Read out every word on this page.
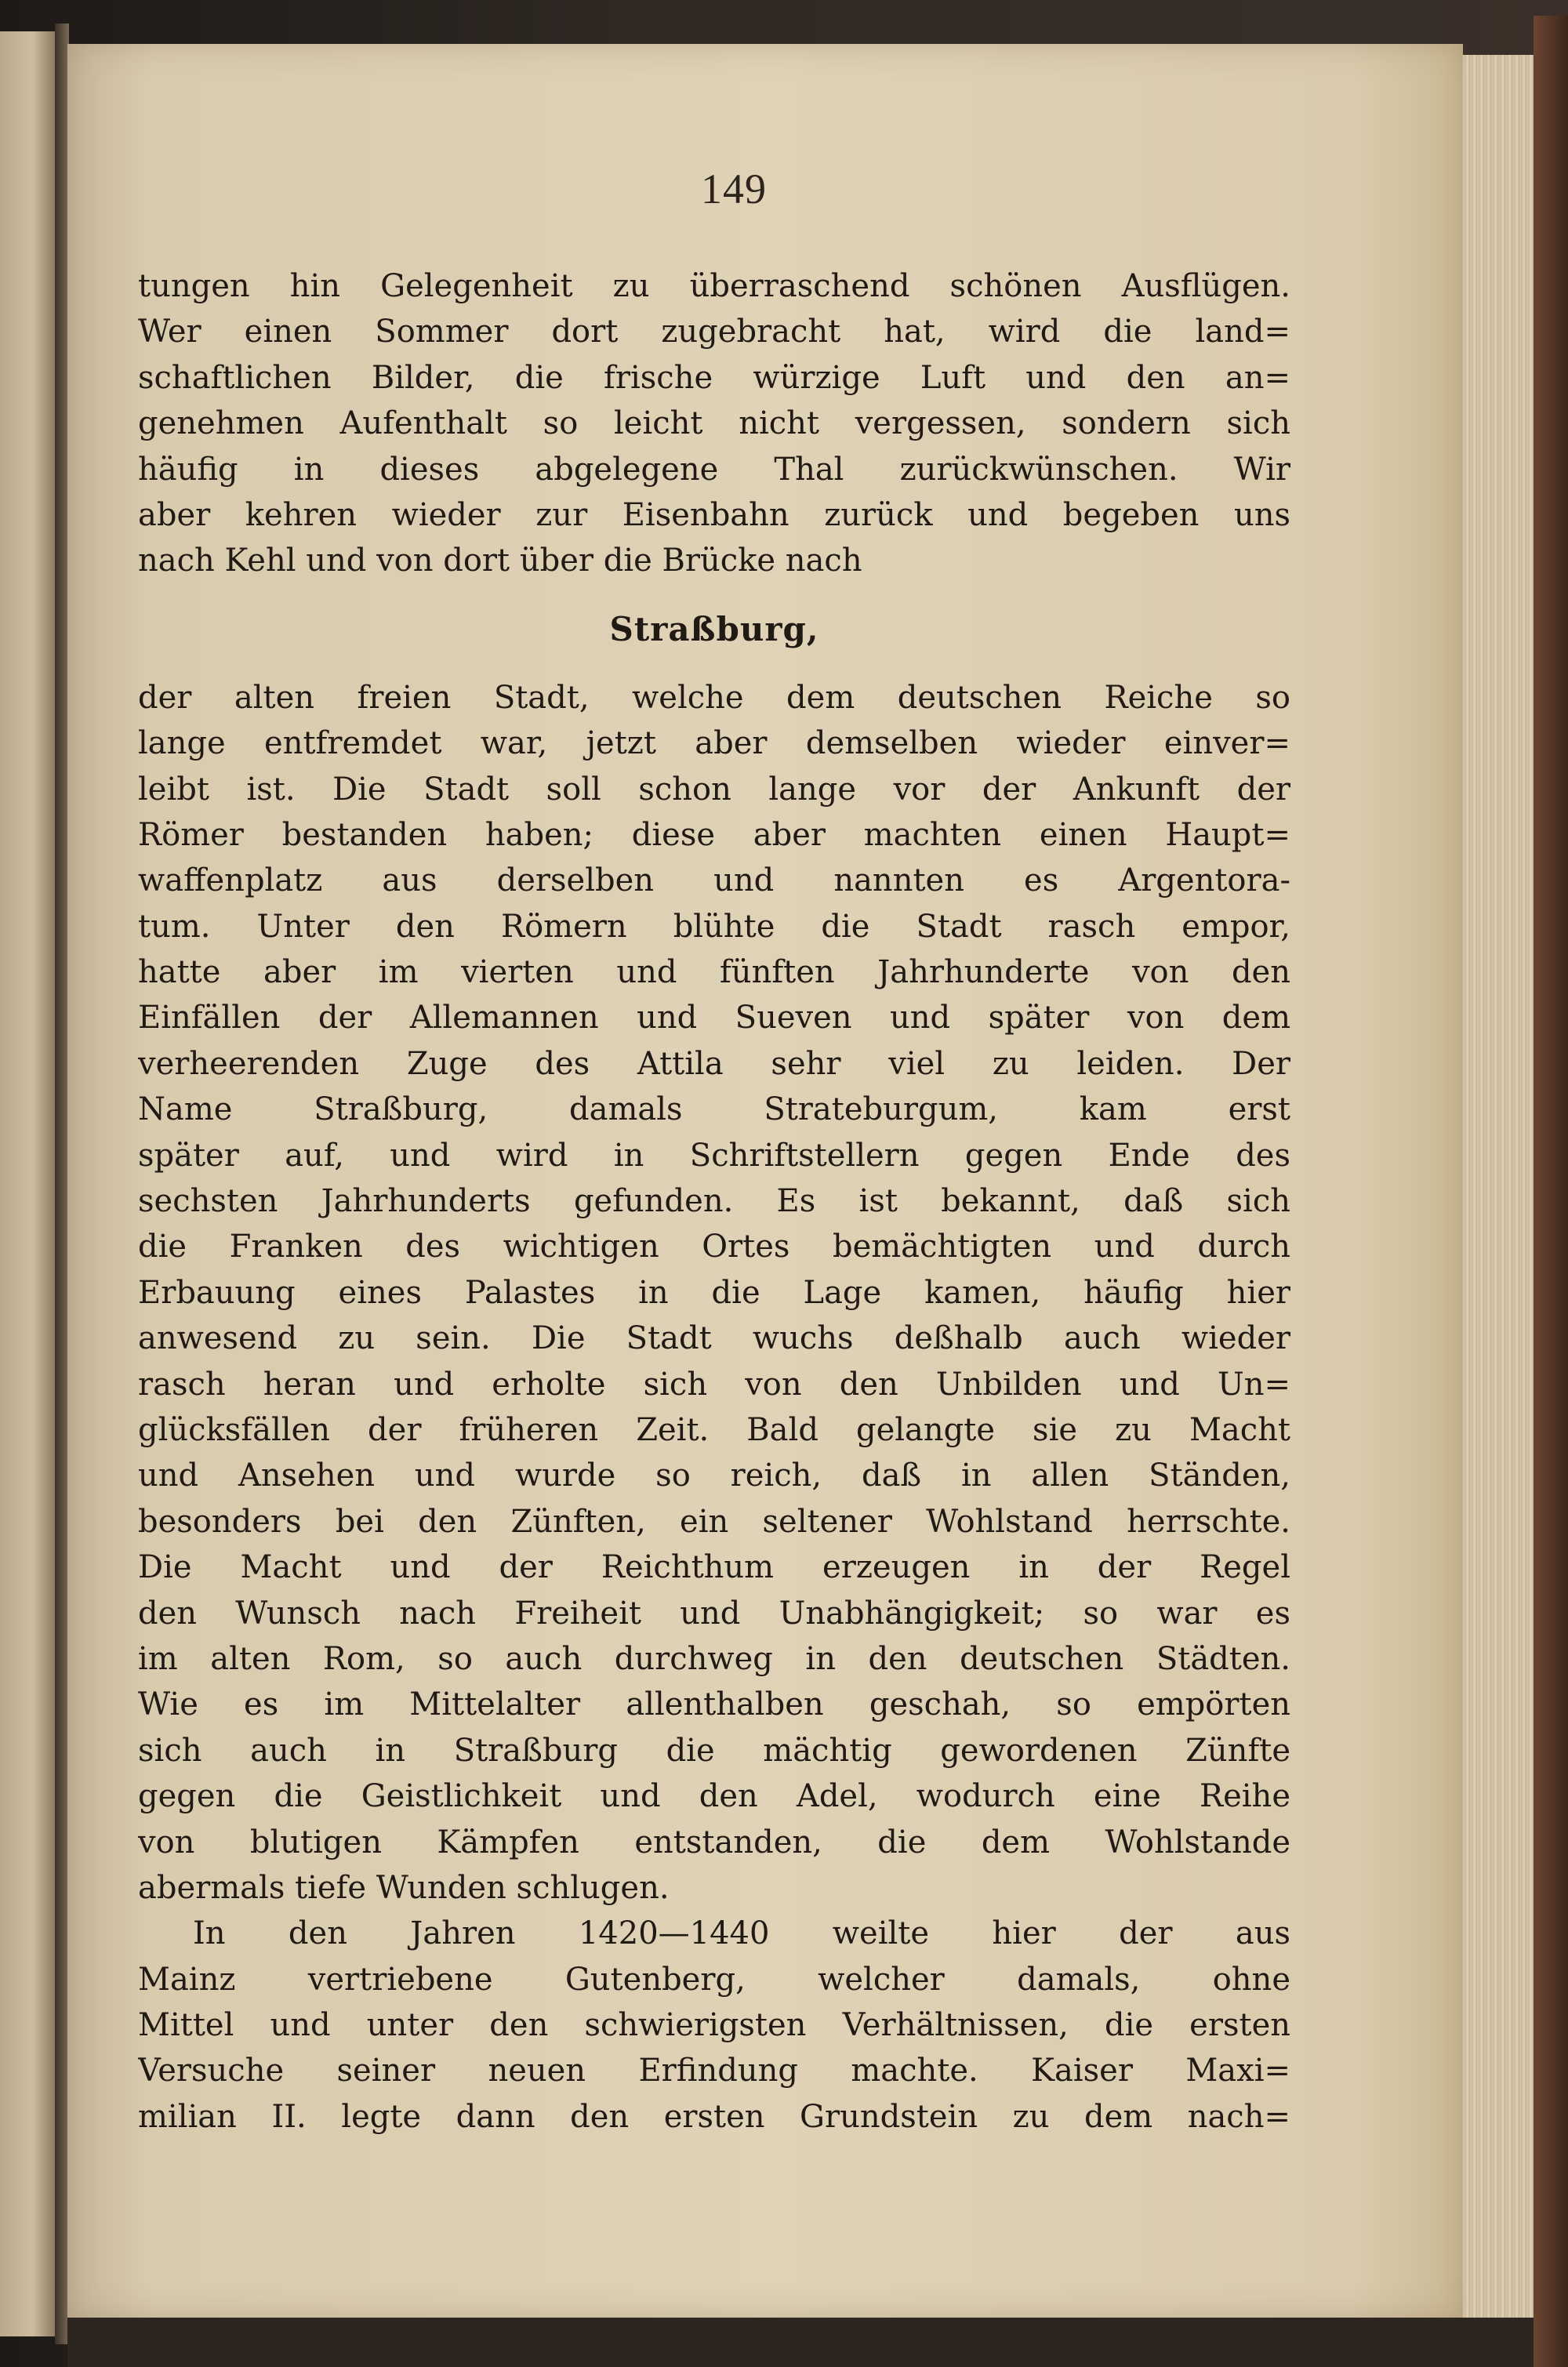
149
tungen hin Gelegenheit zu überraschend schönen Ausflügen.
Wer einen Sommer dort zugebracht hat, wird die land=
schaftlichen Bilder, die frische würzige Luft und den an=
genehmen Aufenthalt so leicht nicht vergessen, sondern sich
häufig in dieses abgelegene Thal zurückwünschen. Wir
aber kehren wieder zur Eisenbahn zurück und begeben uns
nach Kehl und von dort über die Brücke nach
Straßburg,
der alten freien Stadt, welche dem deutschen Reiche so
lange entfremdet war, jetzt aber demselben wieder einver=
leibt ist. Die Stadt soll schon lange vor der Ankunft der
Römer bestanden haben; diese aber machten einen Haupt=
waffenplatz aus derselben und nannten es Argentora-
tum. Unter den Römern blühte die Stadt rasch empor,
hatte aber im vierten und fünften Jahrhunderte von den
Einfällen der Allemannen und Sueven und später von dem
verheerenden Zuge des Attila sehr viel zu leiden. Der
Name Straßburg, damals Strateburgum, kam erst
später auf, und wird in Schriftstellern gegen Ende des
sechsten Jahrhunderts gefunden. Es ist bekannt, daß sich
die Franken des wichtigen Ortes bemächtigten und durch
Erbauung eines Palastes in die Lage kamen, häufig hier
anwesend zu sein. Die Stadt wuchs deßhalb auch wieder
rasch heran und erholte sich von den Unbilden und Un=
glücksfällen der früheren Zeit. Bald gelangte sie zu Macht
und Ansehen und wurde so reich, daß in allen Ständen,
besonders bei den Zünften, ein seltener Wohlstand herrschte.
Die Macht und der Reichthum erzeugen in der Regel
den Wunsch nach Freiheit und Unabhängigkeit; so war es
im alten Rom, so auch durchweg in den deutschen Städten.
Wie es im Mittelalter allenthalben geschah, so empörten
sich auch in Straßburg die mächtig gewordenen Zünfte
gegen die Geistlichkeit und den Adel, wodurch eine Reihe
von blutigen Kämpfen entstanden, die dem Wohlstande
abermals tiefe Wunden schlugen.
In den Jahren 1420—1440 weilte hier der aus
Mainz vertriebene Gutenberg, welcher damals, ohne
Mittel und unter den schwierigsten Verhältnissen, die ersten
Versuche seiner neuen Erfindung machte. Kaiser Maxi=
milian II. legte dann den ersten Grundstein zu dem nach=
